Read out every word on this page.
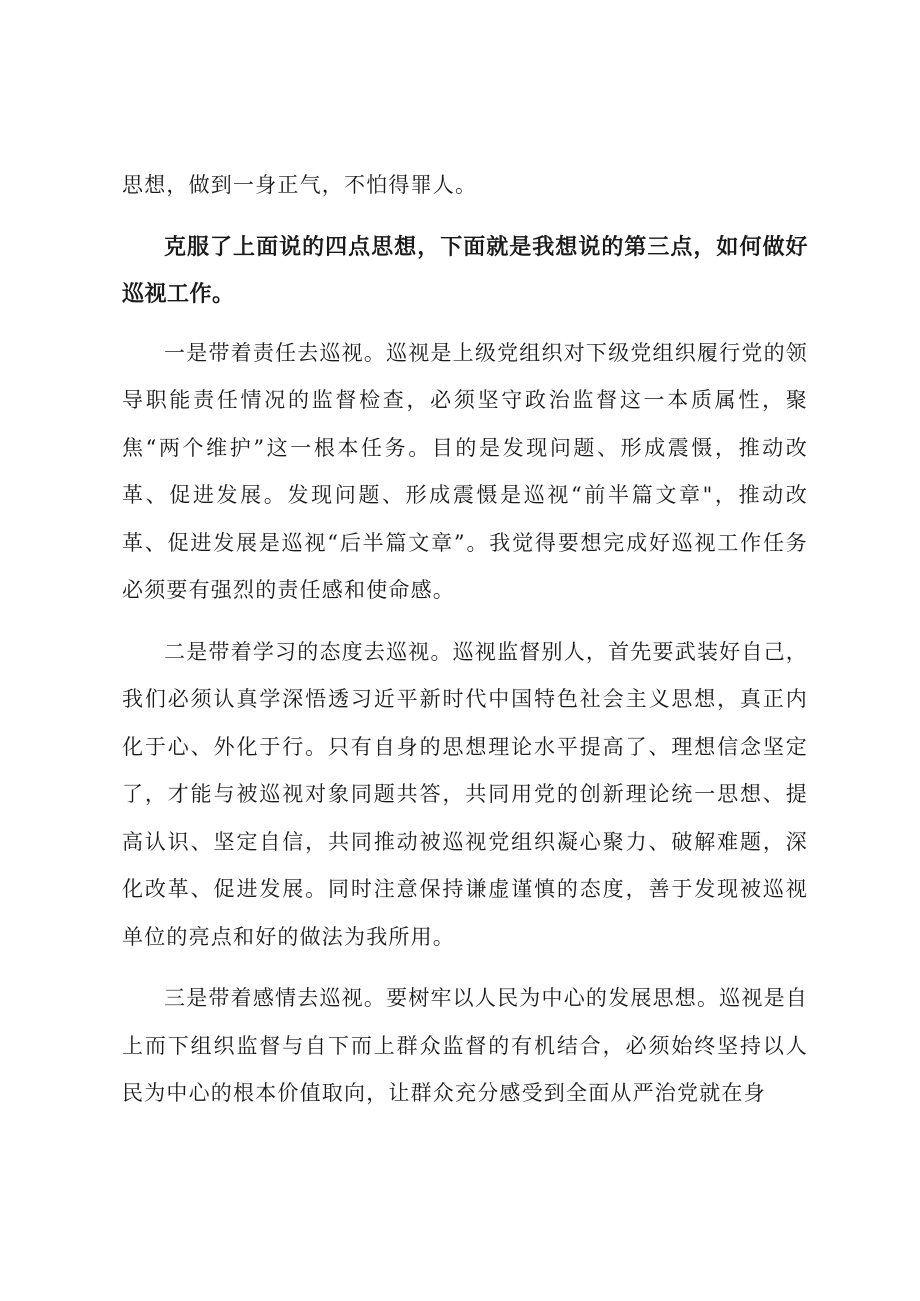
思想，做到一身正气，不怕得罪人。

克服了上面说的四点思想，下面就是我想说的第三点，如何做好巡视工作。

一是带着责任去巡视。巡视是上级党组织对下级党组织履行党的领导职能责任情况的监督检查，必须坚守政治监督这一本质属性，聚焦“两个维护”这一根本任务。目的是发现问题、形成震慑，推动改革、促进发展。发现问题、形成震慑是巡视“前半篇文章"，推动改革、促进发展是巡视“后半篇文章”。我觉得要想完成好巡视工作任务必须要有强烈的责任感和使命感。

二是带着学习的态度去巡视。巡视监督别人，首先要武装好自己，我们必须认真学深悟透习近平新时代中国特色社会主义思想，真正内化于心、外化于行。只有自身的思想理论水平提高了、理想信念坚定了，才能与被巡视对象同题共答，共同用党的创新理论统一思想、提高认识、坚定自信，共同推动被巡视党组织凝心聚力、破解难题，深化改革、促进发展。同时注意保持谦虚谨慎的态度，善于发现被巡视单位的亮点和好的做法为我所用。

三是带着感情去巡视。要树牢以人民为中心的发展思想。巡视是自上而下组织监督与自下而上群众监督的有机结合，必须始终坚持以人民为中心的根本价值取向，让群众充分感受到全面从严治党就在身
